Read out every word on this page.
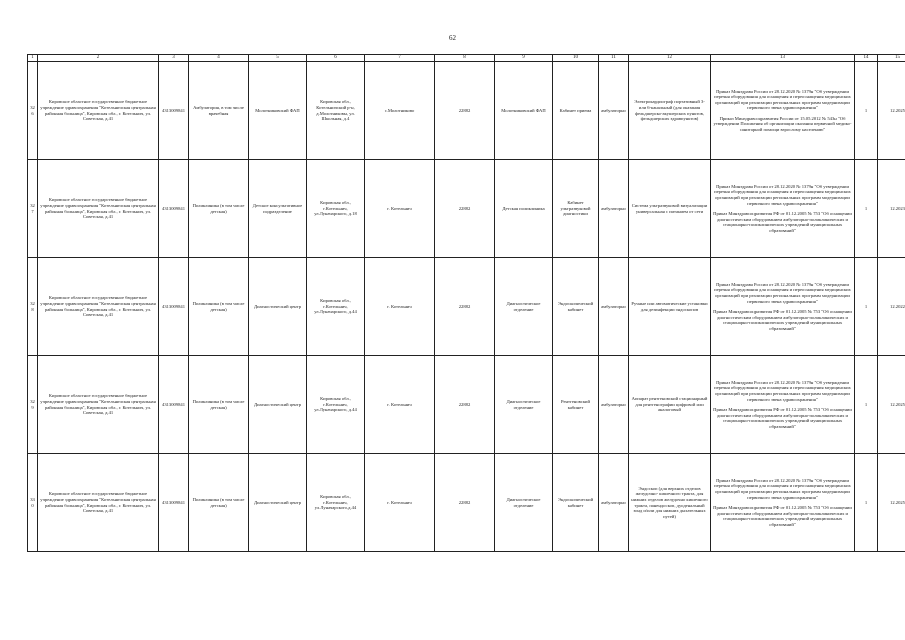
62
1	2	3	4	5	6	7	8	9	10	11	12	13	14	15
326	Кировское областное государственное бюджетное учреждение здравоохранения "Котельничская центральная районная больница", Кировская обл., г. Котельнич, ул. Советская, д.41	4313009841	Амбулатория, в том числе врачебная	Молотниковский ФАП	Кировская обл., Котельничский р-н, д.Молотниковы, ул. Школьная, д.4	с.Молотниково	22882	Молотниковский ФАП	Кабинет приема	амбулаторно	Электрокардиограф портативный 3- или 6-канальный (для оказания фельдшерско-акушерских пунктов, фельдшерских здравпунктов)	Приказ Минздрава России от 28.12.2020 № 1379н "Об утверждении перечня оборудования для оснащения и переоснащения медицинских организаций при реализации региональных программ модернизации первичного звена здравоохранения"
Приказ Минздравсоцразвития России от 15.05.2012 № 543н "Об утверждении Положения об организации оказания первичной медико-санитарной помощи взрослому населению"	1	12.2025
327	Кировское областное государственное бюджетное учреждение здравоохранения "Котельничская центральная районная больница", Кировская обл., г. Котельнич, ул. Советская, д.41	4313009841	Поликлиника (в том числе детская)	Детское консультативное подразделение	Кировская обл., г.Котельнич, ул.Луначарского, д.18	г. Котельнич	22882	Детская поликлиника	Кабинет ультразвуковой диагностики	амбулаторно	Система ультразвуковой визуализации универсальная с питанием от сети	Приказ Минздрава России от 28.12.2020 № 1379н "Об утверждении перечня оборудования для оснащения и переоснащения медицинских организаций при реализации региональных программ модернизации первичного звена здравоохранения"
Приказ Минздравсоцразвития РФ от 01.12.2005 № 753 "Об оснащении диагностическим оборудованием амбулаторно-поликлинических и стационарно-поликлинических учреждений муниципальных образований"	1	12.2023
328	Кировское областное государственное бюджетное учреждение здравоохранения "Котельничская центральная районная больница", Кировская обл., г. Котельнич, ул. Советская, д.41	4313009841	Поликлиника (в том числе детская)	Диагностический центр	Кировская обл., г.Котельнич, ул.Луначарского, д.44	г. Котельнич	22882	Диагностическое отделение	Эндоскопический кабинет	амбулаторно	Ручные или автоматические установки для дезинфекции эндоскопов	Приказ Минздрава России от 28.12.2020 № 1379н "Об утверждении перечня оборудования для оснащения и переоснащения медицинских организаций при реализации региональных программ модернизации первичного звена здравоохранения"
Приказ Минздравсоцразвития РФ от 01.12.2005 № 753 "Об оснащении диагностическим оборудованием амбулаторно-поликлинических и стационарно-поликлинических учреждений муниципальных образований"	1	12.2022
329	Кировское областное государственное бюджетное учреждение здравоохранения "Котельничская центральная районная больница", Кировская обл., г. Котельнич, ул. Советская, д.41	4313009841	Поликлиника (в том числе детская)	Диагностический центр	Кировская обл., г.Котельнич, ул.Луначарского, д.44	г. Котельнич	22882	Диагностическое отделение	Рентгеновский кабинет	амбулаторно	Аппарат рентгеновский стационарный для рентгенографии цифровой или аналоговый	Приказ Минздрава России от 28.12.2020 № 1379н "Об утверждении перечня оборудования для оснащения и переоснащения медицинских организаций при реализации региональных программ модернизации первичного звена здравоохранения"
Приказ Минздравсоцразвития РФ от 01.12.2005 № 753 "Об оснащении диагностическим оборудованием амбулаторно-поликлинических и стационарно-поликлинических учреждений муниципальных образований"	1	12.2025
330	Кировское областное государственное бюджетное учреждение здравоохранения "Котельничская центральная районная больница", Кировская обл., г. Котельнич, ул. Советская, д.41	4313009841	Поликлиника (в том числе детская)	Диагностический центр	Кировская обл., г.Котельнич, ул.Луначарского,д.44	г. Котельнич	22882	Диагностическое отделение	Эндоскопический кабинет	амбулаторно	Эндоскоп (для верхних отделов желудочно- кишечного тракта, для нижних отделов желудочно кишечного тракта, панендоскоп, дуоденальный зонд и/или для нижних дыхательных путей)	Приказ Минздрава России от 28.12.2020 № 1379н "Об утверждении перечня оборудования для оснащения и переоснащения медицинских организаций при реализации региональных программ модернизации первичного звена здравоохранения"
Приказ Минздравсоцразвития РФ от 01.12.2005 № 753 "Об оснащении диагностическим оборудованием амбулаторно-поликлинических и стационарно-поликлинических учреждений муниципальных образований"	1	12.2025
